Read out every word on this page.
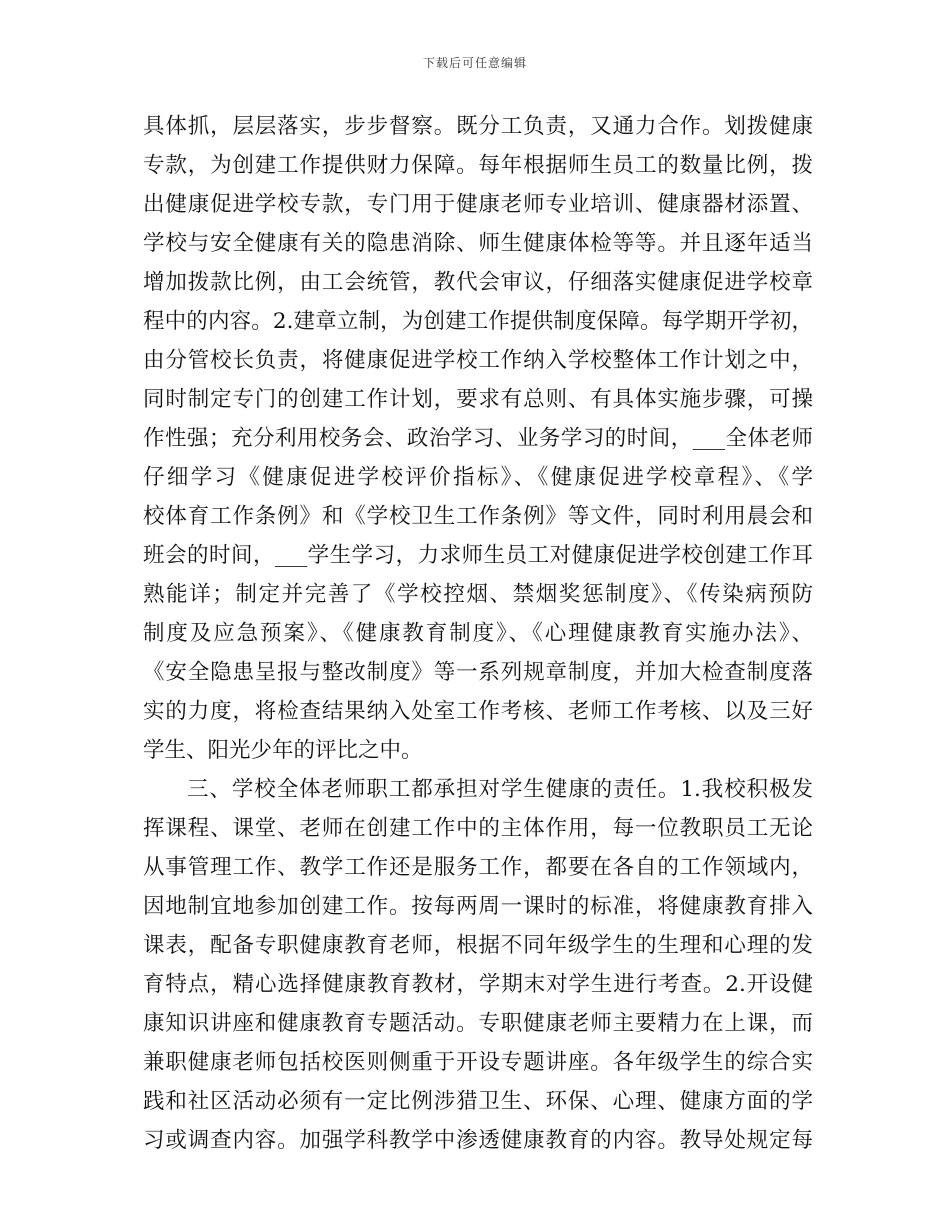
下载后可任意编辑
具体抓，层层落实，步步督察。既分工负责，又通力合作。划拨健康
专款，为创建工作提供财力保障。每年根据师生员工的数量比例，拨
出健康促进学校专款，专门用于健康老师专业培训、健康器材添置、
学校与安全健康有关的隐患消除、师生健康体检等等。并且逐年适当
增加拨款比例，由工会统管，教代会审议，仔细落实健康促进学校章
程中的内容。2.建章立制，为创建工作提供制度保障。每学期开学初，
由分管校长负责，将健康促进学校工作纳入学校整体工作计划之中，
同时制定专门的创建工作计划，要求有总则、有具体实施步骤，可操
作性强；充分利用校务会、政治学习、业务学习的时间，___全体老师
仔细学习《健康促进学校评价指标》、《健康促进学校章程》、《学
校体育工作条例》和《学校卫生工作条例》等文件，同时利用晨会和
班会的时间，___学生学习，力求师生员工对健康促进学校创建工作耳
熟能详；制定并完善了《学校控烟、禁烟奖惩制度》、《传染病预防
制度及应急预案》、《健康教育制度》、《心理健康教育实施办法》、
《安全隐患呈报与整改制度》等一系列规章制度，并加大检查制度落
实的力度，将检查结果纳入处室工作考核、老师工作考核、以及三好
学生、阳光少年的评比之中。
三、学校全体老师职工都承担对学生健康的责任。1.我校积极发
挥课程、课堂、老师在创建工作中的主体作用，每一位教职员工无论
从事管理工作、教学工作还是服务工作，都要在各自的工作领域内，
因地制宜地参加创建工作。按每两周一课时的标准，将健康教育排入
课表，配备专职健康教育老师，根据不同年级学生的生理和心理的发
育特点，精心选择健康教育教材，学期末对学生进行考查。2.开设健
康知识讲座和健康教育专题活动。专职健康老师主要精力在上课，而
兼职健康老师包括校医则侧重于开设专题讲座。各年级学生的综合实
践和社区活动必须有一定比例涉猎卫生、环保、心理、健康方面的学
习或调查内容。加强学科教学中渗透健康教育的内容。教导处规定每
